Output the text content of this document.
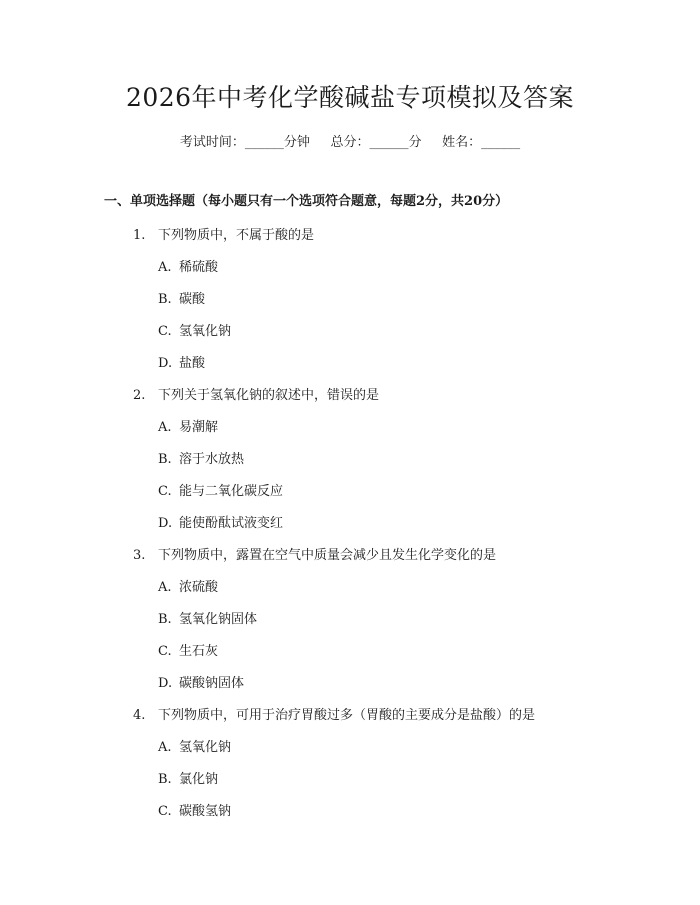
2026年中考化学酸碱盐专项模拟及答案
考试时间：______分钟     总分：______分     姓名：______
一、单项选择题（每小题只有一个选项符合题意，每题2分，共20分）
1. 下列物质中，不属于酸的是
A. 稀硫酸
B. 碳酸
C. 氢氧化钠
D. 盐酸
2. 下列关于氢氧化钠的叙述中，错误的是
A. 易潮解
B. 溶于水放热
C. 能与二氧化碳反应
D. 能使酚酞试液变红
3. 下列物质中，露置在空气中质量会减少且发生化学变化的是
A. 浓硫酸
B. 氢氧化钠固体
C. 生石灰
D. 碳酸钠固体
4. 下列物质中，可用于治疗胃酸过多（胃酸的主要成分是盐酸）的是
A. 氢氧化钠
B. 氯化钠
C. 碳酸氢钠
